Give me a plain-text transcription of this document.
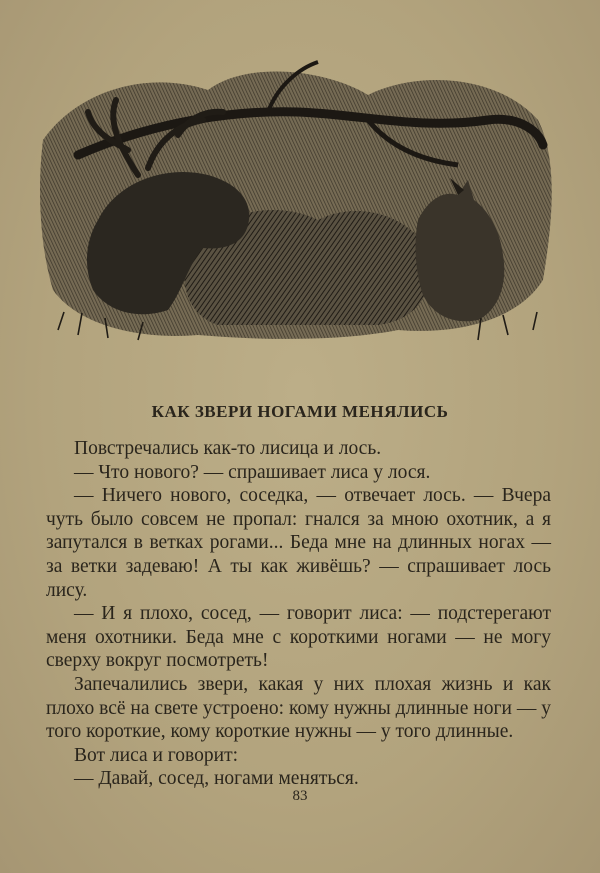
КАК ЗВЕРИ НОГАМИ МЕНЯЛИСЬ

Повстречались как-то лисица и лось.

— Что нового? — спрашивает лиса у лося.

— Ничего нового, соседка, — отвечает лось. — Вчера чуть было совсем не пропал: гнался за мною охотник, а я запутался в ветках рогами... Беда мне на длинных ногах — за ветки задеваю! А ты как живёшь? — спрашивает лось лису.

— И я плохо, сосед, — говорит лиса: — подстерегают меня охотники. Беда мне с короткими ногами — не могу сверху вокруг посмотреть!

Запечалились звери, какая у них плохая жизнь и как плохо всё на свете устроено: кому нужны длинные ноги — у того короткие, кому короткие нужны — у того длинные.

Вот лиса и говорит:

— Давай, сосед, ногами меняться.

83
